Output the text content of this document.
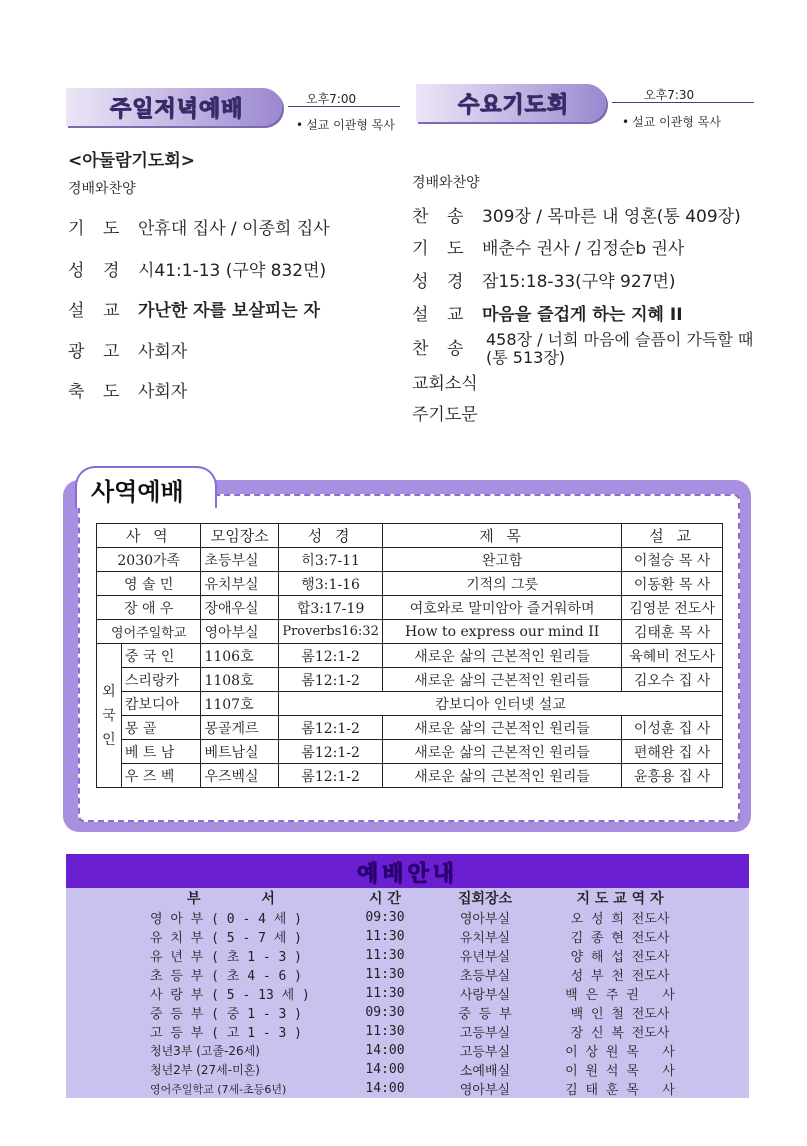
주일저녁예배	오후7:00
• 설교 이관형 목사
<아둘람기도회>
경배와찬양
기 도 안휴대 집사 / 이종희 집사
성 경 시41:1-13 (구약 832면)
설 교 가난한 자를 보살피는 자
광 고 사회자
축 도 사회자
수요기도회	오후7:30
• 설교 이관형 목사
경배와찬양
찬 송 309장 / 목마른 내 영혼(통 409장)
기 도 배춘수 권사 / 김정순b 권사
성 경 잠15:18-33(구약 927면)
설 교 마음을 즐겁게 하는 지혜 II
찬 송	458장 / 너희 마음에 슬픔이 가득할 때
(통 513장)
교회소식
주기도문
사역예배
사 역		모임장소	성 경	제 목	설 교
2030가족		초등부실	히3:7-11	완고함	이철승 목 사
영 솔 민		유치부실	행3:1-16	기적의 그릇	이동환 목 사
장 애 우		장애우실	합3:17-19	여호와로 말미암아 즐거워하며	김영분 전도사
영어주일학교		영아부실	Proverbs16:32	How to express our mind II	김태훈 목 사
외국인	중 국 인	1106호	롬12:1-2	새로운 삶의 근본적인 원리들	육혜비 전도사
	스리랑카	1108호	롬12:1-2	새로운 삶의 근본적인 원리들	김오수 집 사
	캄보디아	1107호	캄보디아 인터넷 설교		
	몽 골	몽골게르	롬12:1-2	새로운 삶의 근본적인 원리들	이성훈 집 사
	베 트 남	베트남실	롬12:1-2	새로운 삶의 근본적인 원리들	편해완 집 사
	우 즈 벡	우즈벡실	롬12:1-2	새로운 삶의 근본적인 원리들	윤흥용 집 사
예배안내
부 서	시 간	집회장소	지 도 교 역 자
영 아 부 ( 0 - 4 세 )	09:30	영아부실	오 성 희 전도사
유 치 부 ( 5 - 7 세 )	11:30	유치부실	김 종 현 전도사
유 년 부 ( 초 1 - 3 )	11:30	유년부실	양 해 섭 전도사
초 등 부 ( 초 4 - 6 )	11:30	초등부실	성 부 천 전도사
사 랑 부 ( 5 - 13 세 )	11:30	사랑부실	백 은 주 권   사
중 등 부 ( 중 1 - 3 )	09:30	중 등 부	백 인 철 전도사
고 등 부 ( 고 1 - 3 )	11:30	고등부실	장 신 복 전도사
청년3부 (고졸-26세)	14:00	고등부실	이 상 원 목   사
청년2부 (27세-미혼)	14:00	소예배실	이 원 석 목   사
영어주일학교 (7세-초등6년)	14:00	영아부실	김 태 훈 목   사
